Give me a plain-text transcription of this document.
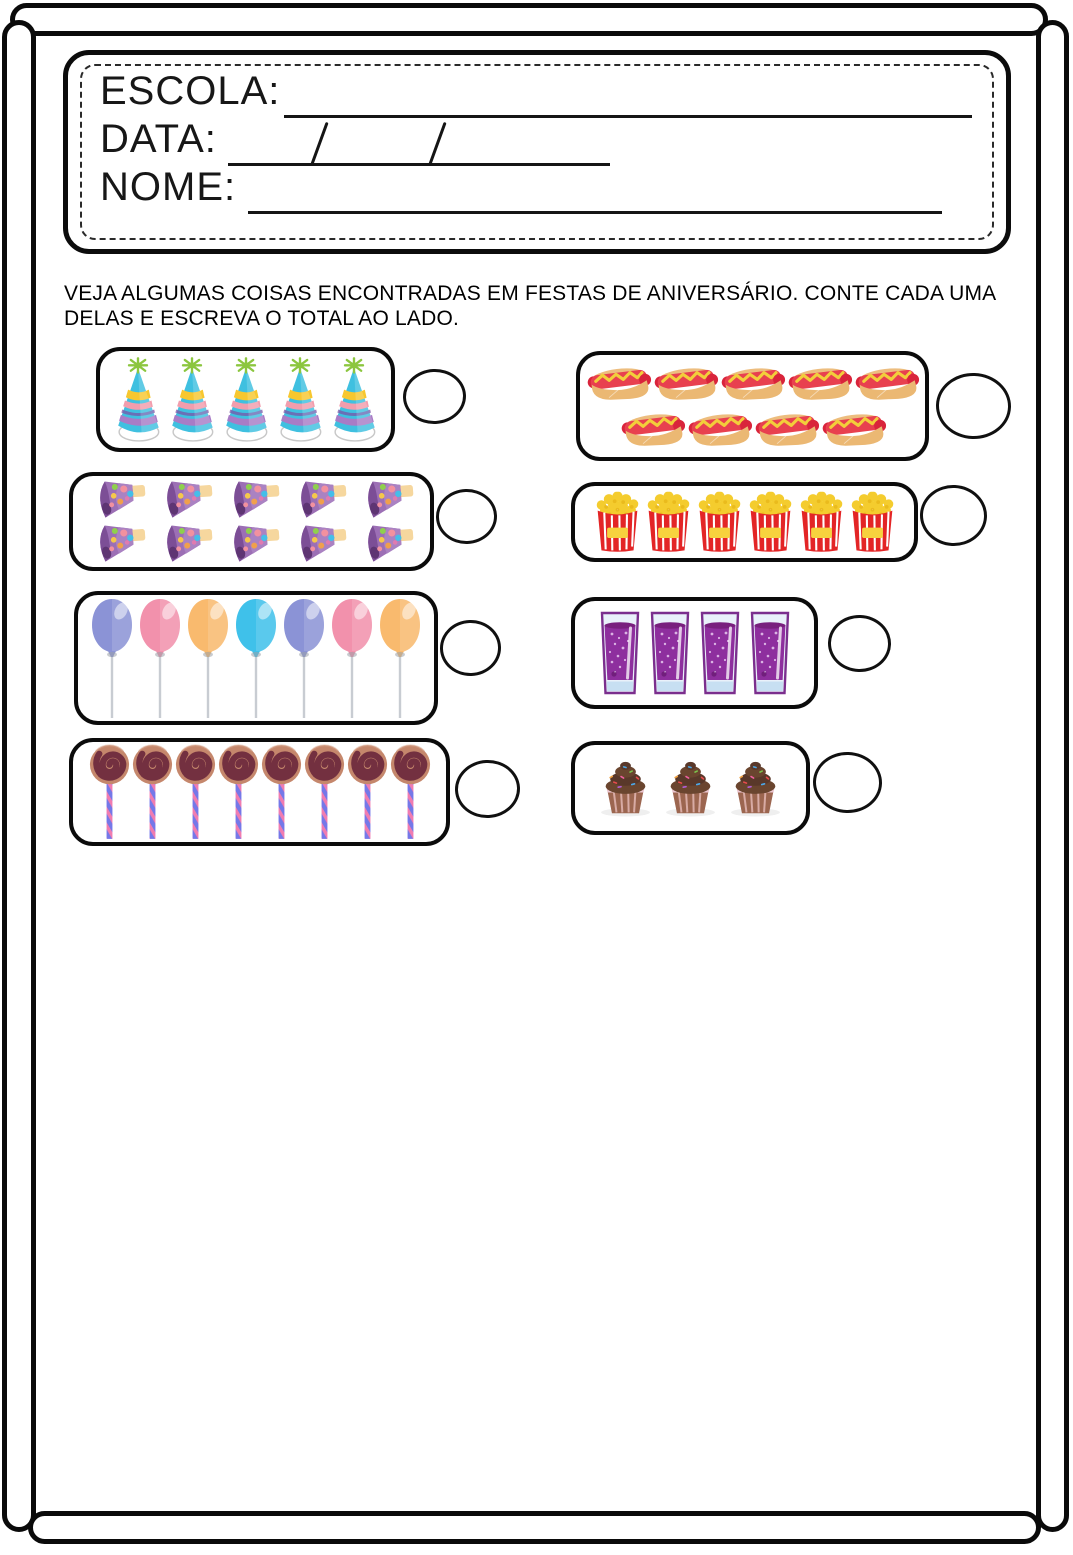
ESCOLA:
DATA:
NOME:
VEJA ALGUMAS COISAS ENCONTRADAS EM FESTAS DE ANIVERSÁRIO. CONTE CADA UMA DELAS E ESCREVA O TOTAL AO LADO.
